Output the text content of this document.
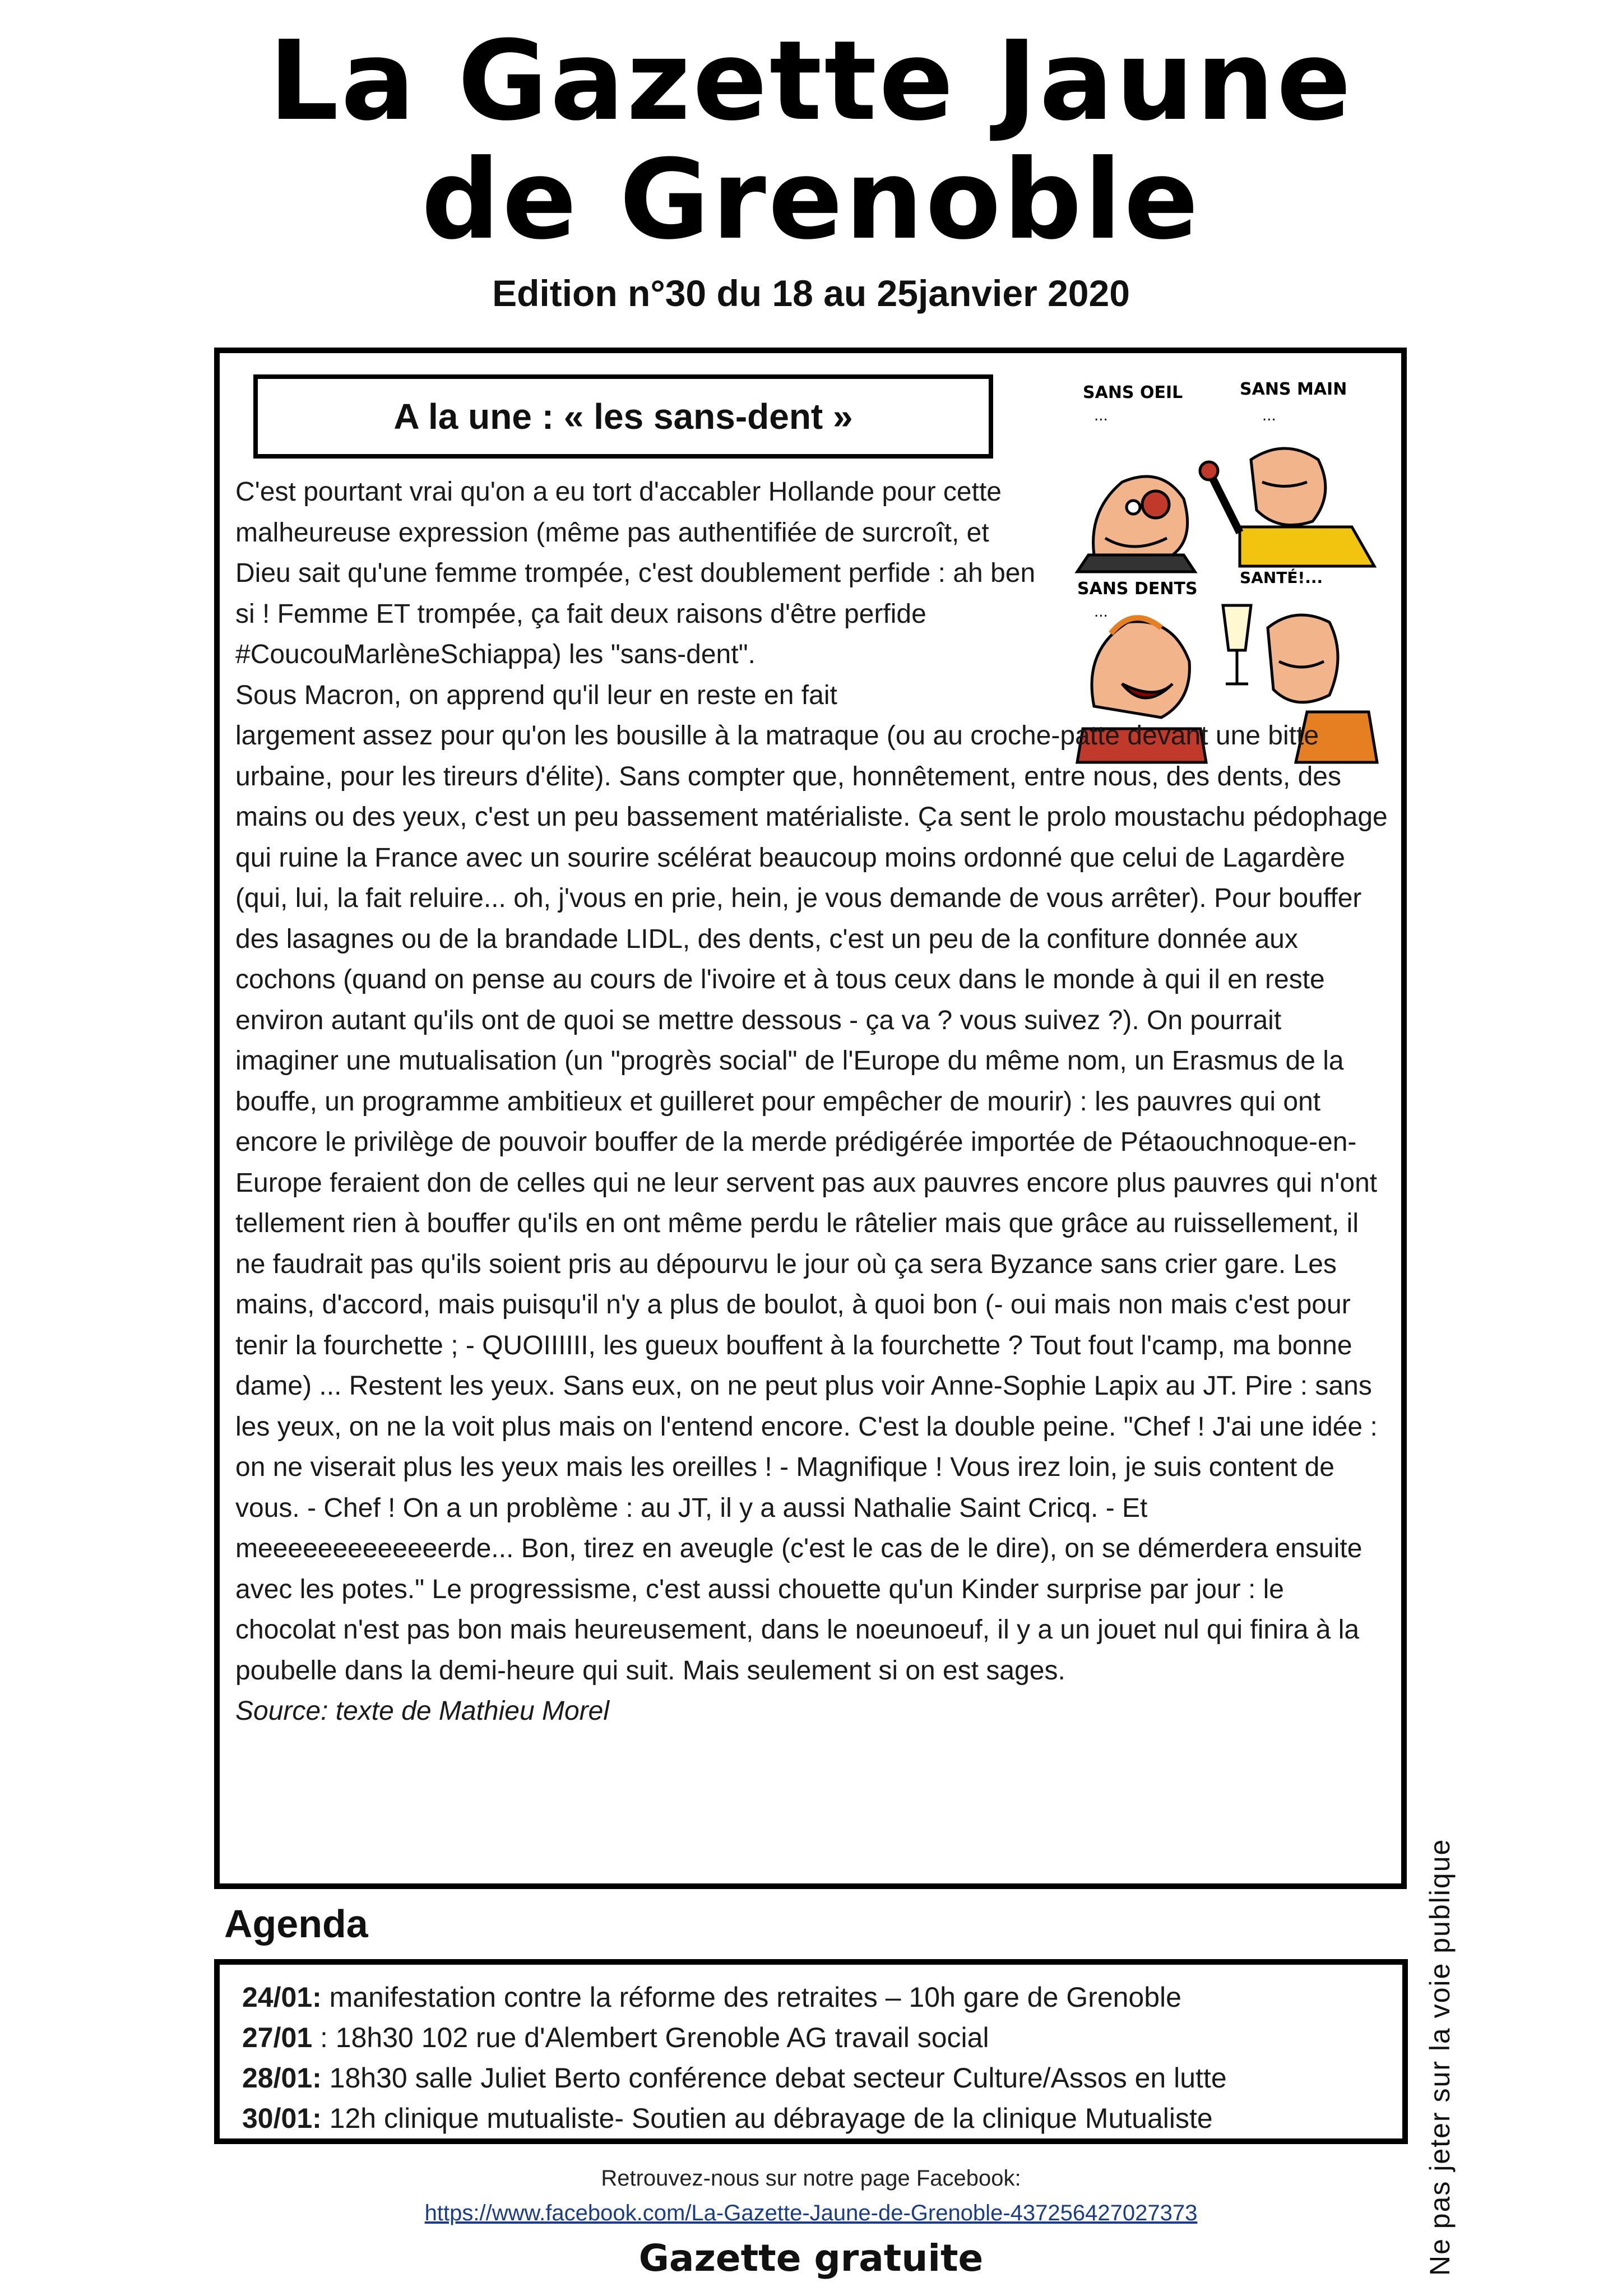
La Gazette Jaune
de Grenoble
Edition n°30 du 18 au 25janvier 2020
A la une : « les sans-dent »
SANS OEIL	SANS MAIN
SANS DENTS
SANTÉ!...
...	...
...

C'est pourtant vrai qu'on a eu tort d'accabler Hollande pour cette malheureuse expression (même pas authentifiée de surcroît, et Dieu sait qu'une femme trompée, c'est doublement perfide : ah ben si ! Femme ET trompée, ça fait deux raisons d'être perfide #CoucouMarlèneSchiappa) les "sans-dent".

Sous Macron, on apprend qu'il leur en reste en fait

largement assez pour qu'on les bousille à la matraque (ou au croche-patte devant une bitte urbaine, pour les tireurs d'élite). Sans compter que, honnêtement, entre nous, des dents, des mains ou des yeux, c'est un peu bassement matérialiste. Ça sent le prolo moustachu pédophage qui ruine la France avec un sourire scélérat beaucoup moins ordonné que celui de Lagardère (qui, lui, la fait reluire... oh, j'vous en prie, hein, je vous demande de vous arrêter). Pour bouffer des lasagnes ou de la brandade LIDL, des dents, c'est un peu de la confiture donnée aux cochons (quand on pense au cours de l'ivoire et à tous ceux dans le monde à qui il en reste environ autant qu'ils ont de quoi se mettre dessous - ça va ? vous suivez ?). On pourrait imaginer une mutualisation (un "progrès social" de l'Europe du même nom, un Erasmus de la bouffe, un programme ambitieux et guilleret pour empêcher de mourir) : les pauvres qui ont encore le privilège de pouvoir bouffer de la merde prédigérée importée de Pétaouchnoque-en-Europe feraient don de celles qui ne leur servent pas aux pauvres encore plus pauvres qui n'ont tellement rien à bouffer qu'ils en ont même perdu le râtelier mais que grâce au ruissellement, il ne faudrait pas qu'ils soient pris au dépourvu le jour où ça sera Byzance sans crier gare. Les mains, d'accord, mais puisqu'il n'y a plus de boulot, à quoi bon (- oui mais non mais c'est pour tenir la fourchette ; - QUOIIIIII, les gueux bouffent à la fourchette ? Tout fout l'camp, ma bonne dame) ... Restent les yeux. Sans eux, on ne peut plus voir Anne-Sophie Lapix au JT. Pire : sans les yeux, on ne la voit plus mais on l'entend encore. C'est la double peine. "Chef ! J'ai une idée : on ne viserait plus les yeux mais les oreilles ! - Magnifique ! Vous irez loin, je suis content de vous. - Chef ! On a un problème : au JT, il y a aussi Nathalie Saint Cricq. - Et meeeeeeeeeeeeerde... Bon, tirez en aveugle (c'est le cas de le dire), on se démerdera ensuite avec les potes." Le progressisme, c'est aussi chouette qu'un Kinder surprise par jour : le chocolat n'est pas bon mais heureusement, dans le noeunoeuf, il y a un jouet nul qui finira à la poubelle dans la demi-heure qui suit. Mais seulement si on est sages.

Source: texte de Mathieu Morel

Agenda
24/01: manifestation contre la réforme des retraites – 10h gare de Grenoble
27/01 : 18h30 102 rue d'Alembert Grenoble AG travail social
28/01: 18h30 salle Juliet Berto conférence debat secteur Culture/Assos en lutte
30/01: 12h clinique mutualiste- Soutien au débrayage de la clinique Mutualiste
Retrouvez-nous sur notre page Facebook:
https://www.facebook.com/La-Gazette-Jaune-de-Grenoble-437256427027373
Gazette gratuite	Ne pas jeter sur la voie publique
